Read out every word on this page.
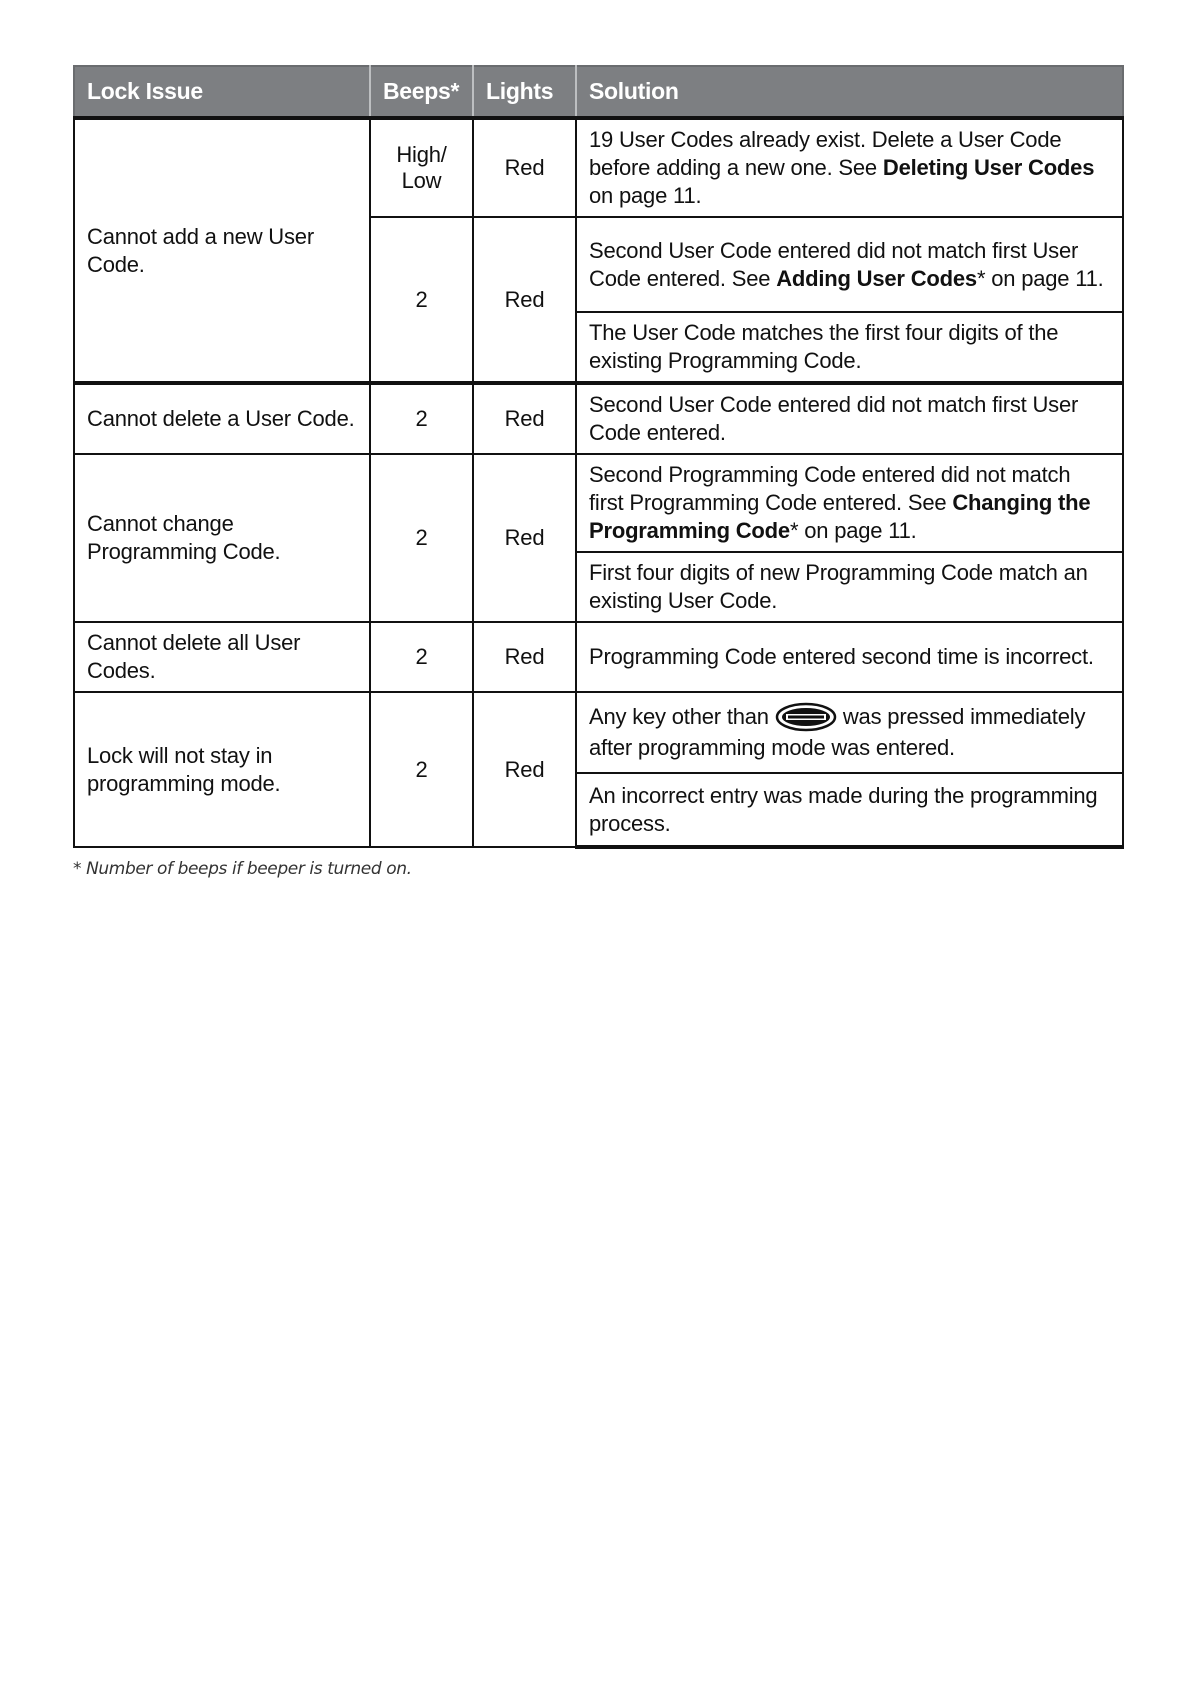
Lock Issue	Beeps*	Lights	Solution
Cannot add a new User Code.	High/ Low	Red	19 User Codes already exist. Delete a User Code before adding a new one. See Deleting User Codes on page 11.
	2	Red	Second User Code entered did not match first User Code entered. See Adding User Codes* on page 11.
			The User Code matches the first four digits of the existing Programming Code.
Cannot delete a User Code.	2	Red	Second User Code entered did not match first User Code entered.
Cannot change Programming Code.	2	Red	Second Programming Code entered did not match first Programming Code entered. See Changing the Programming Code* on page 11.
			First four digits of new Programming Code match an existing User Code.
Cannot delete all User Codes.	2	Red	Programming Code entered second time is incorrect.
Lock will not stay in programming mode.	2	Red	Any key other than was pressed immediately after programming mode was entered.
			An incorrect entry was made during the programming process.
* Number of beeps if beeper is turned on.
